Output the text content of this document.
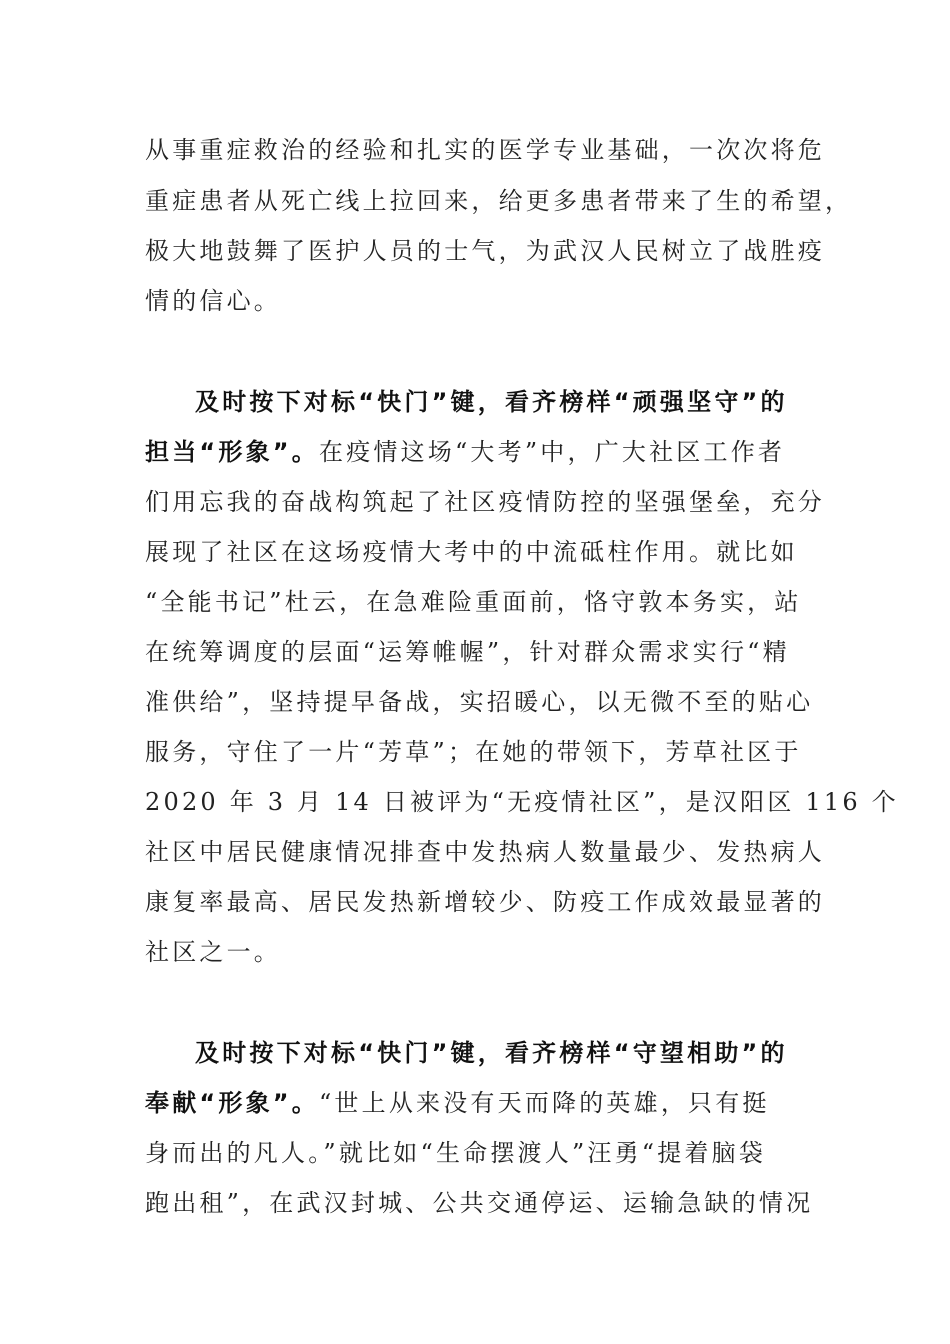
从事重症救治的经验和扎实的医学专业基础，一次次将危
重症患者从死亡线上拉回来，给更多患者带来了生的希望，
极大地鼓舞了医护人员的士气，为武汉人民树立了战胜疫
情的信心。
及时按下对标“快门”键，看齐榜样“顽强坚守”的
担当“形象”。在疫情这场“大考”中，广大社区工作者
们用忘我的奋战构筑起了社区疫情防控的坚强堡垒，充分
展现了社区在这场疫情大考中的中流砥柱作用。就比如
“全能书记”杜云，在急难险重面前，恪守敦本务实，站
在统筹调度的层面“运筹帷幄”，针对群众需求实行“精
准供给”，坚持提早备战，实招暖心，以无微不至的贴心
服务，守住了一片“芳草”；在她的带领下，芳草社区于
2020 年 3 月 14 日被评为“无疫情社区”，是汉阳区 116 个
社区中居民健康情况排查中发热病人数量最少、发热病人
康复率最高、居民发热新增较少、防疫工作成效最显著的
社区之一。
及时按下对标“快门”键，看齐榜样“守望相助”的
奉献“形象”。“世上从来没有天而降的英雄，只有挺
身而出的凡人。”就比如“生命摆渡人”汪勇“提着脑袋
跑出租”，在武汉封城、公共交通停运、运输急缺的情况
